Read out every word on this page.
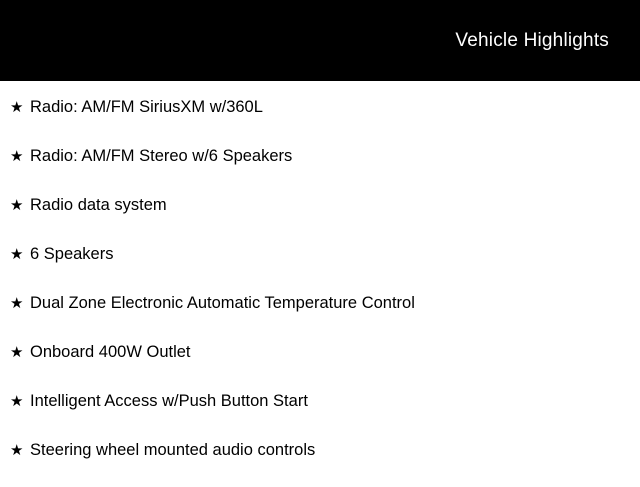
Vehicle Highlights
★ Radio: AM/FM SiriusXM w/360L
★ Radio: AM/FM Stereo w/6 Speakers
★ Radio data system
★ 6 Speakers
★ Dual Zone Electronic Automatic Temperature Control
★ Onboard 400W Outlet
★ Intelligent Access w/Push Button Start
★ Steering wheel mounted audio controls
